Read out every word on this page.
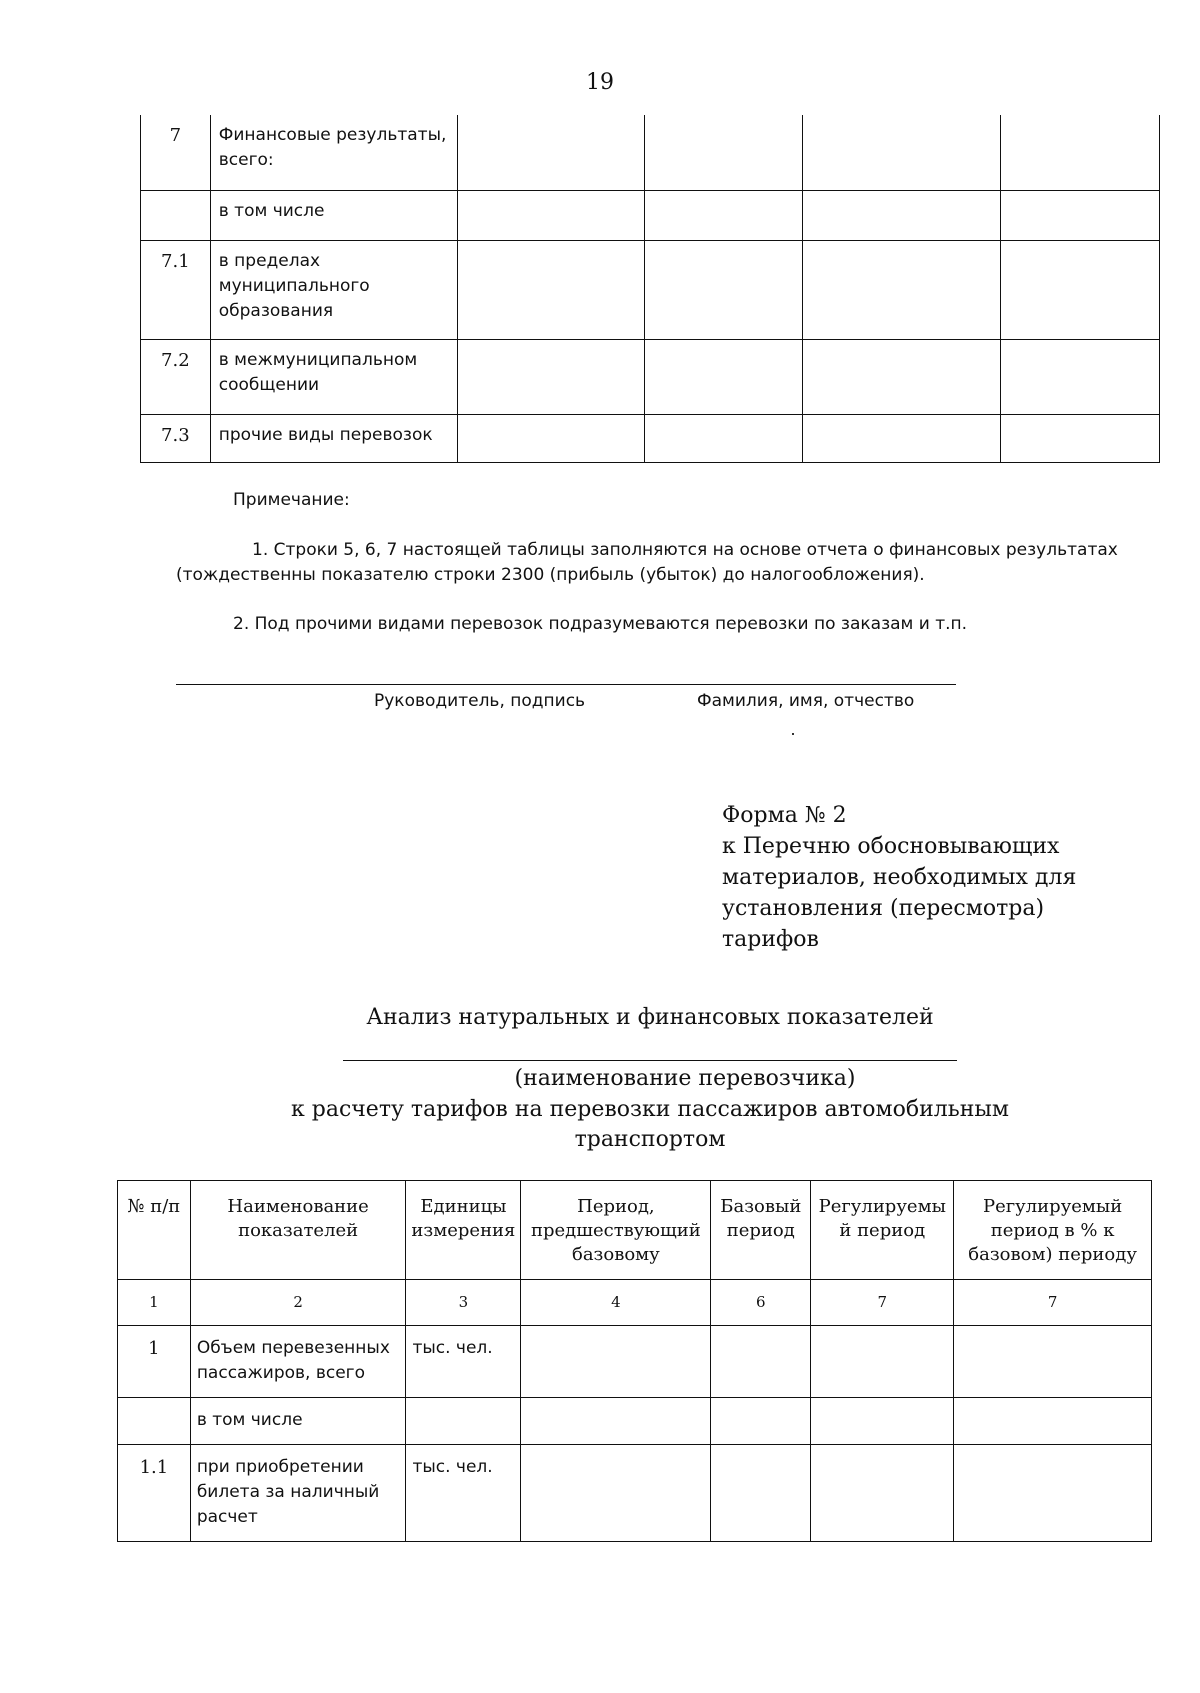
19
7	Финансовые результаты, всего:				
	в том числе				
7.1	в пределах муниципального образования				
7.2	в межмуниципальном сообщении				
7.3	прочие виды перевозок				
Примечание:
1. Строки 5, 6, 7 настоящей таблицы заполняются на основе отчета о финансовых результатах
(тождественны показателю строки 2300 (прибыль (убыток) до налогообложения).
2. Под прочими видами перевозок подразумеваются перевозки по заказам и т.п.
Руководитель, подпись	Фамилия, имя, отчество
Форма № 2
к Перечню обосновывающих
материалов, необходимых для
установления (пересмотра)
тарифов
Анализ натуральных и финансовых показателей
(наименование перевозчика)
к расчету тарифов на перевозки пассажиров автомобильным
транспортом
№ п/п	Наименование показателей	Единицы измерения	Период, предшествующий базовому	Базовый период	Регулируемы й период	Регулируемый период в % к базовом) периоду
1	2	3	4	6	7	7
1	Объем перевезенных пассажиров, всего	тыс. чел.				
	в том числе					
1.1	при приобретении билета за наличный расчет	тыс. чел.				
